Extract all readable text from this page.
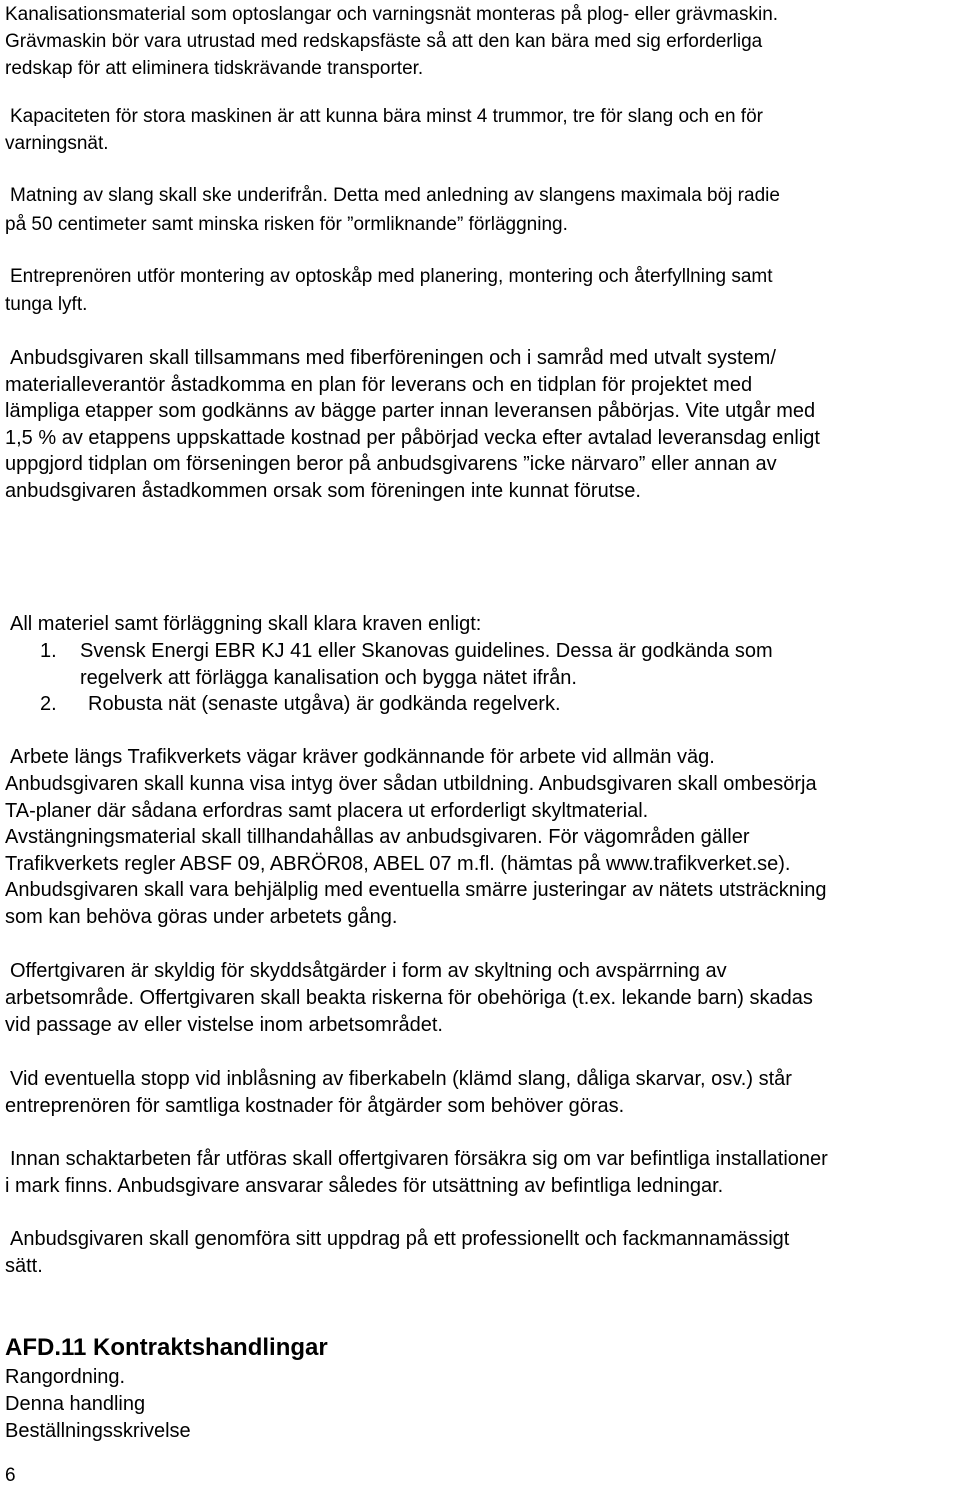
Kanalisationsmaterial som optoslangar och varningsnät monteras på plog- eller grävmaskin.
Grävmaskin bör vara utrustad med redskapsfäste så att den kan bära med sig erforderliga
redskap för att eliminera tidskrävande transporter.

Kapaciteten för stora maskinen är att kunna bära minst 4 trummor, tre för slang och en för

varningsnät.

Matning av slang skall ske underifrån. Detta med anledning av slangens maximala böj radie

på 50 centimeter samt minska risken för ”ormliknande” förläggning.

Entreprenören utför montering av optoskåp med planering, montering och återfyllning samt

tunga lyft.

Anbudsgivaren skall tillsammans med fiberföreningen och i samråd med utvalt system/

materialleverantör åstadkomma en plan för leverans och en tidplan för projektet med
lämpliga etapper som godkänns av bägge parter innan leveransen påbörjas. Vite utgår med
1,5 % av etappens uppskattade kostnad per påbörjad vecka efter avtalad leveransdag enligt
uppgjord tidplan om förseningen beror på anbudsgivarens ”icke närvaro” eller annan av
anbudsgivaren åstadkommen orsak som föreningen inte kunnat förutse.

All materiel samt förläggning skall klara kraven enligt:

1. Svensk Energi EBR KJ 41 eller Skanovas guidelines. Dessa är godkända som
regelverk att förlägga kanalisation och bygga nätet ifrån.
2.	Robusta nät (senaste utgåva) är godkända regelverk.

Arbete längs Trafikverkets vägar kräver godkännande för arbete vid allmän väg.

Anbudsgivaren skall kunna visa intyg över sådan utbildning. Anbudsgivaren skall ombesörja
TA-planer där sådana erfordras samt placera ut erforderligt skyltmaterial.
Avstängningsmaterial skall tillhandahållas av anbudsgivaren. För vägområden gäller
Trafikverkets regler ABSF 09, ABRÖR08, ABEL 07 m.fl. (hämtas på www.trafikverket.se).
Anbudsgivaren skall vara behjälplig med eventuella smärre justeringar av nätets utsträckning
som kan behöva göras under arbetets gång.

Offertgivaren är skyldig för skyddsåtgärder i form av skyltning och avspärrning av

arbetsområde. Offertgivaren skall beakta riskerna för obehöriga (t.ex. lekande barn) skadas
vid passage av eller vistelse inom arbetsområdet.

Vid eventuella stopp vid inblåsning av fiberkabeln (klämd slang, dåliga skarvar, osv.) står

entreprenören för samtliga kostnader för åtgärder som behöver göras.

Innan schaktarbeten får utföras skall offertgivaren försäkra sig om var befintliga installationer

i mark finns. Anbudsgivare ansvarar således för utsättning av befintliga ledningar.

Anbudsgivaren skall genomföra sitt uppdrag på ett professionellt och fackmannamässigt

sätt.

AFD.11 Kontraktshandlingar

Rangordning.

Denna handling

Beställningsskrivelse

6
